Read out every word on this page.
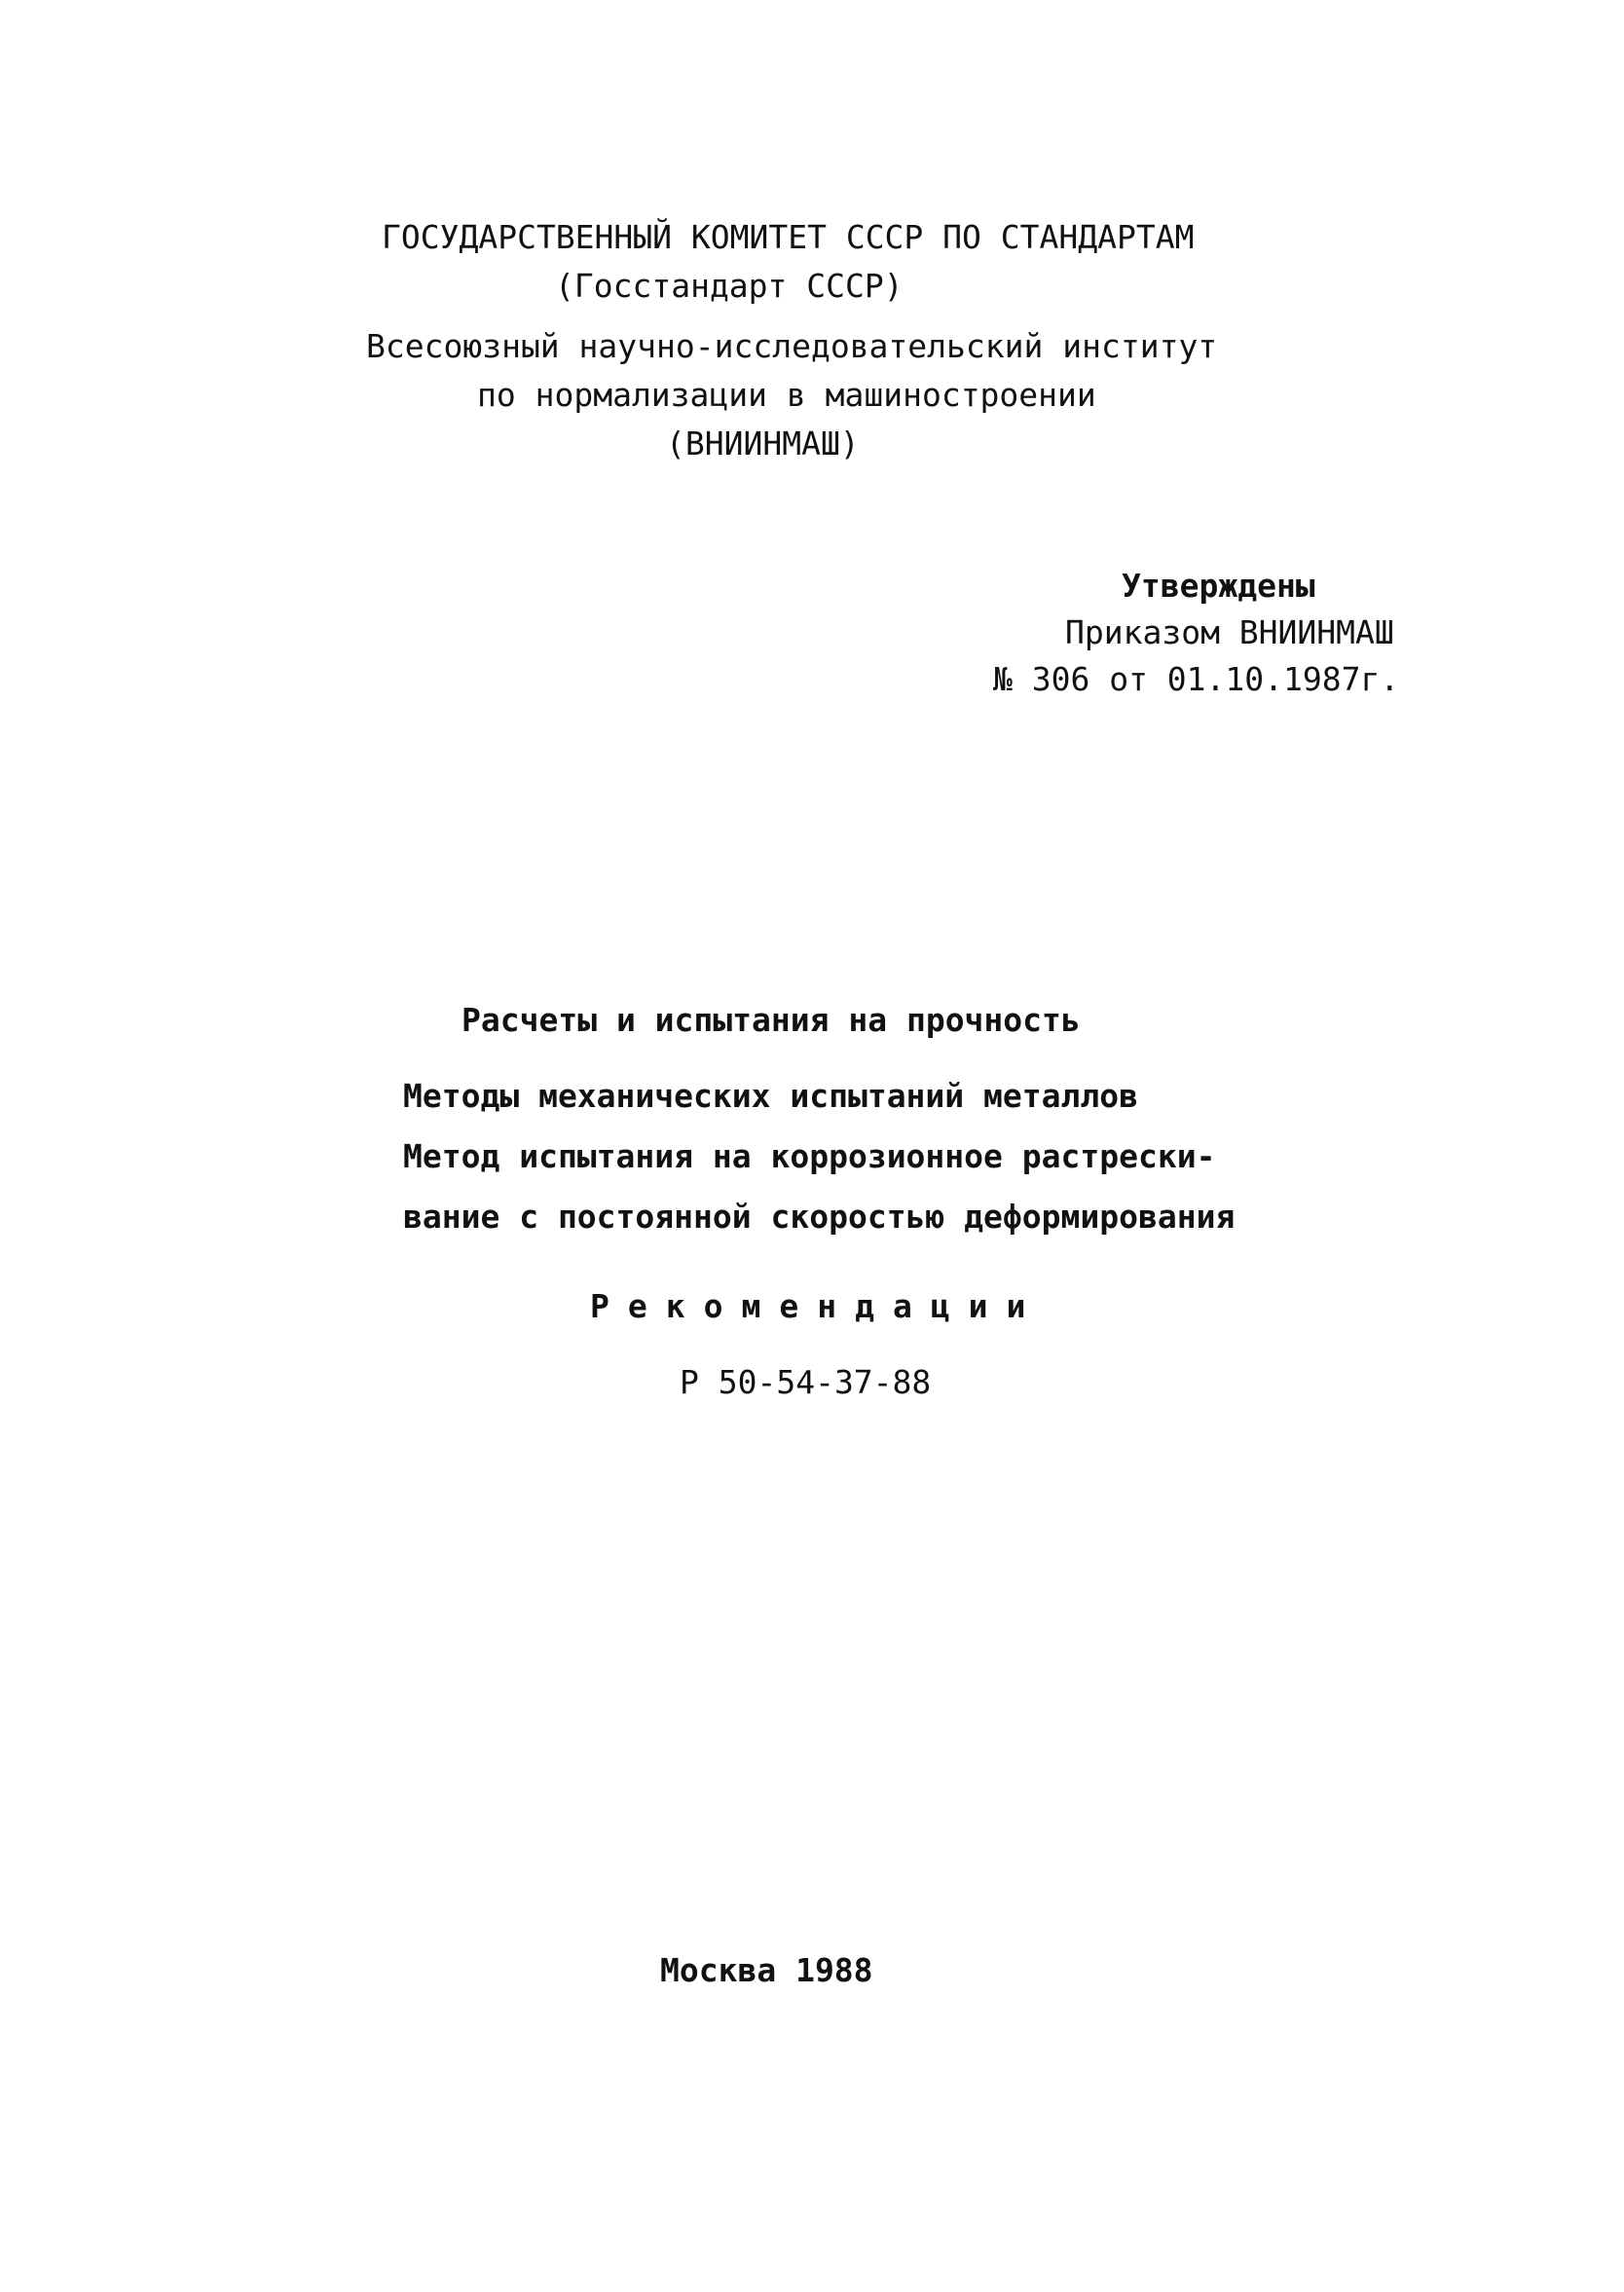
ГОСУДАРСТВЕННЫЙ КОМИТЕТ СССР ПО СТАНДАРТАМ
(Госстандарт СССР)
Всесоюзный научно-исследовательский институт
по нормализации в машиностроении
(ВНИИНМАШ)
Утверждены
Приказом ВНИИНМАШ
№ 306 от 01.10.1987г.
Расчеты и испытания на прочность
Методы механических испытаний металлов
Метод испытания на коррозионное растрески-
вание с постоянной скоростью деформирования
Рекомендации
Р 50-54-37-88
Москва 1988
